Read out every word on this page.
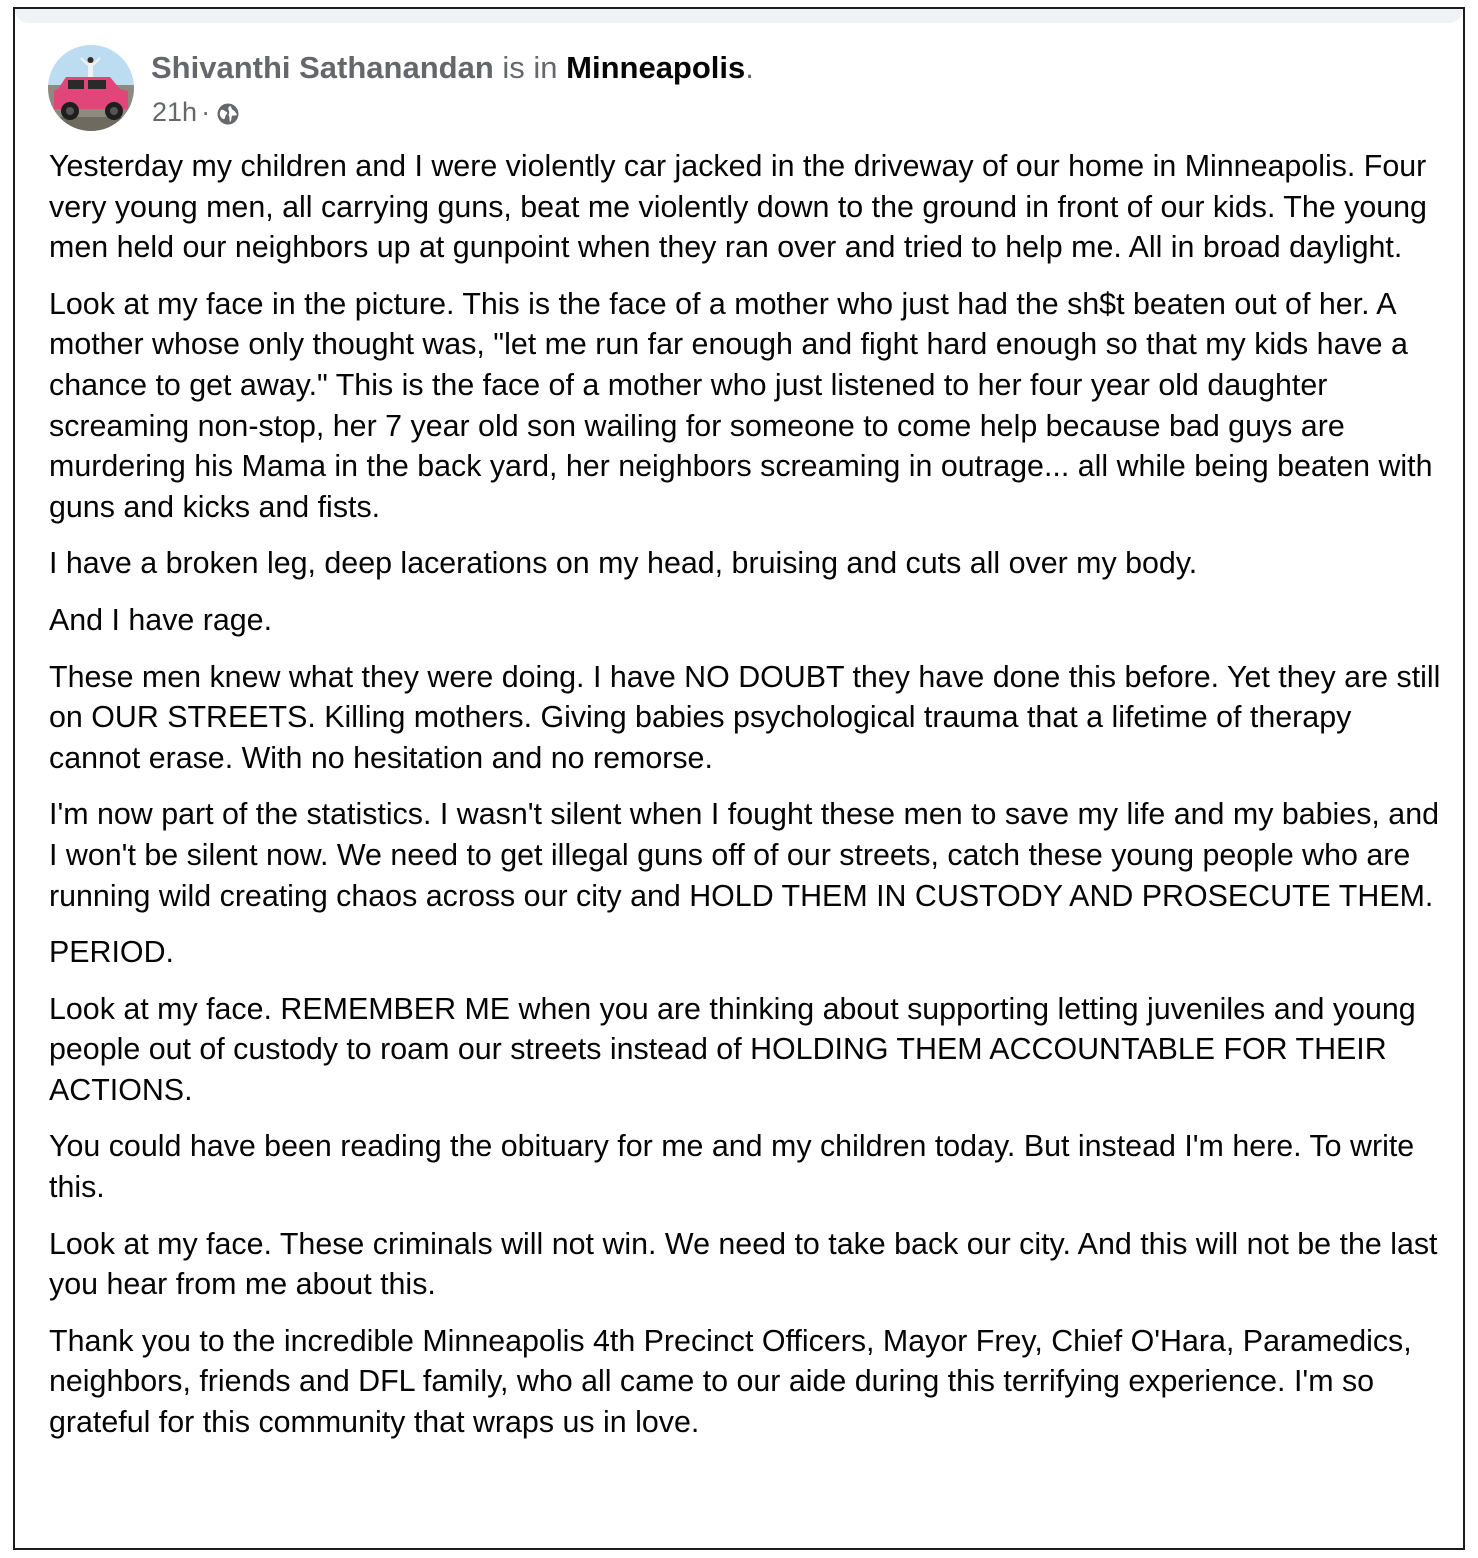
Shivanthi Sathanandan is in Minneapolis.
21h ·

Yesterday my children and I were violently car jacked in the driveway of our home in Minneapolis. Four very young men, all carrying guns, beat me violently down to the ground in front of our kids. The young men held our neighbors up at gunpoint when they ran over and tried to help me. All in broad daylight.

Look at my face in the picture. This is the face of a mother who just had the sh$t beaten out of her. A mother whose only thought was, "let me run far enough and fight hard enough so that my kids have a chance to get away." This is the face of a mother who just listened to her four year old daughter screaming non-stop, her 7 year old son wailing for someone to come help because bad guys are murdering his Mama in the back yard, her neighbors screaming in outrage... all while being beaten with guns and kicks and fists.

I have a broken leg, deep lacerations on my head, bruising and cuts all over my body.

And I have rage.

These men knew what they were doing. I have NO DOUBT they have done this before. Yet they are still on OUR STREETS. Killing mothers. Giving babies psychological trauma that a lifetime of therapy cannot erase. With no hesitation and no remorse.

I'm now part of the statistics. I wasn't silent when I fought these men to save my life and my babies, and I won't be silent now. We need to get illegal guns off of our streets, catch these young people who are running wild creating chaos across our city and HOLD THEM IN CUSTODY AND PROSECUTE THEM.

PERIOD.

Look at my face. REMEMBER ME when you are thinking about supporting letting juveniles and young people out of custody to roam our streets instead of HOLDING THEM ACCOUNTABLE FOR THEIR ACTIONS.

You could have been reading the obituary for me and my children today. But instead I'm here. To write this.

Look at my face. These criminals will not win. We need to take back our city. And this will not be the last you hear from me about this.

Thank you to the incredible Minneapolis 4th Precinct Officers, Mayor Frey, Chief O'Hara, Paramedics, neighbors, friends and DFL family, who all came to our aide during this terrifying experience. I'm so grateful for this community that wraps us in love.
